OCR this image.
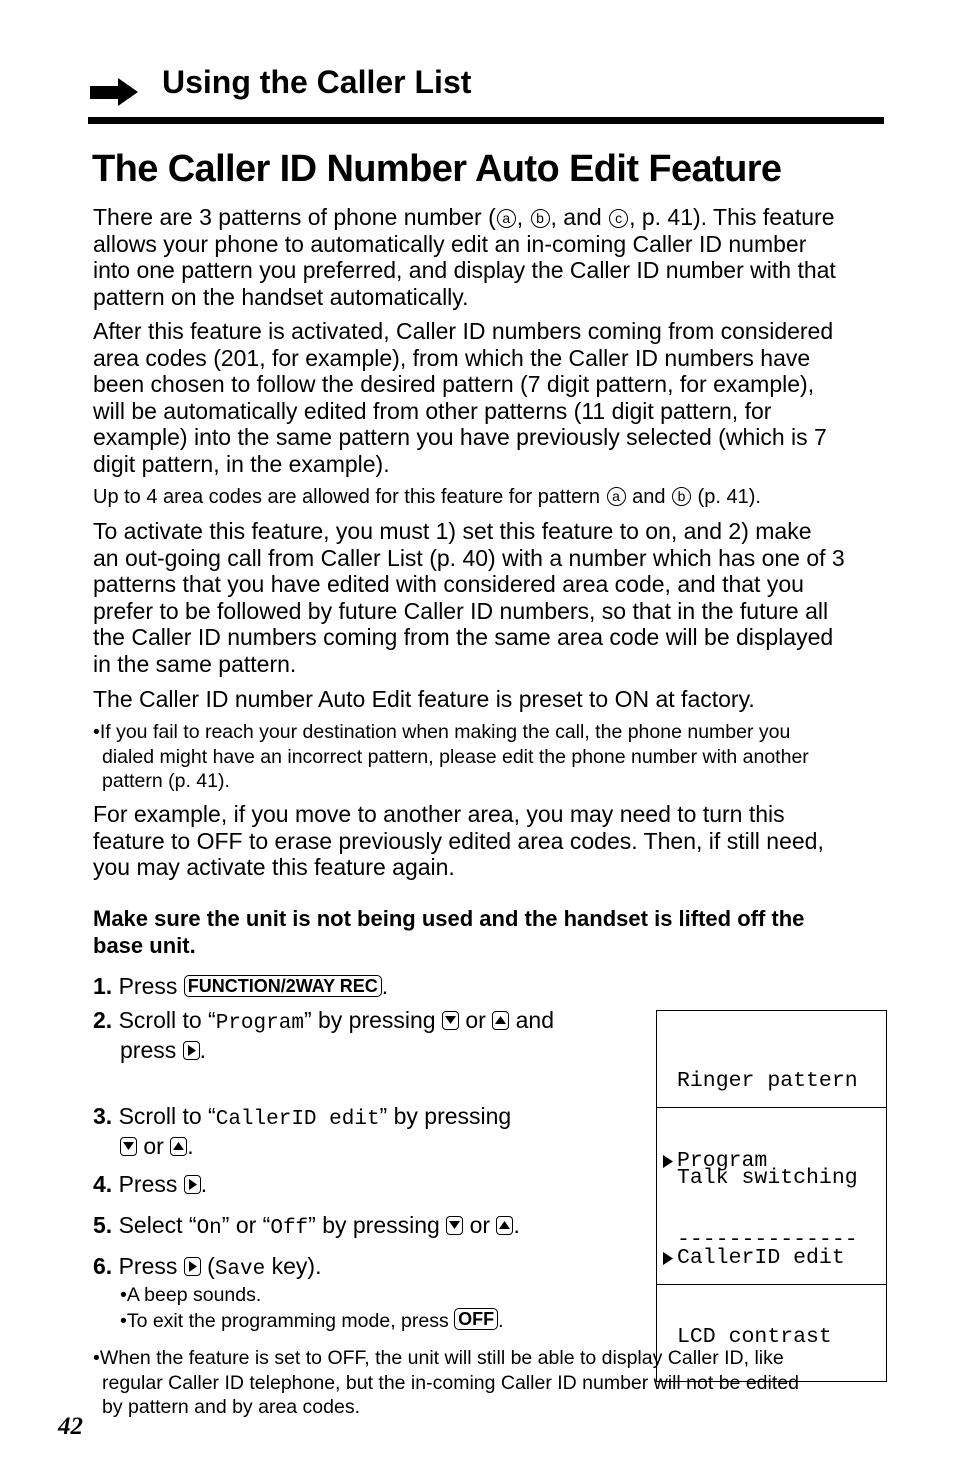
Using the Caller List
The Caller ID Number Auto Edit Feature
There are 3 patterns of phone number ( a , b , and c , p. 41). This feature
allows your phone to automatically edit an in-coming Caller ID number
into one pattern you preferred, and display the Caller ID number with that
pattern on the handset automatically.
After this feature is activated, Caller ID numbers coming from considered
area codes (201, for example), from which the Caller ID numbers have
been chosen to follow the desired pattern (7 digit pattern, for example),
will be automatically edited from other patterns (11 digit pattern, for
example) into the same pattern you have previously selected (which is 7
digit pattern, in the example).
Up to 4 area codes are allowed for this feature for pattern a and b (p. 41).
To activate this feature, you must 1) set this feature to on, and 2) make
an out-going call from Caller List (p. 40) with a number which has one of 3
patterns that you have edited with considered area code, and that you
prefer to be followed by future Caller ID numbers, so that in the future all
the Caller ID numbers coming from the same area code will be displayed
in the same pattern.
The Caller ID number Auto Edit feature is preset to ON at factory.
•If you fail to reach your destination when making the call, the phone number you
dialed might have an incorrect pattern, please edit the phone number with another
pattern (p. 41).
For example, if you move to another area, you may need to turn this
feature to OFF to erase previously edited area codes. Then, if still need,
you may activate this feature again.
Make sure the unit is not being used and the handset is lifted off the
base unit.
1. Press FUNCTION/2WAY REC .
2. Scroll to “Program” by pressing
or
and
press
.

Ringer pattern

Program

--------------

3. Scroll to “CallerID edit” by pressing

or
.

Talk switching

CallerID edit

LCD contrast

4. Press
.
5. Select “On” or “Off” by pressing
or
.
6. Press
(Save key).
•A beep sounds.
•To exit the programming mode, press OFF .
•When the feature is set to OFF, the unit will still be able to display Caller ID, like
regular Caller ID telephone, but the in-coming Caller ID number will not be edited
by pattern and by area codes.
42
